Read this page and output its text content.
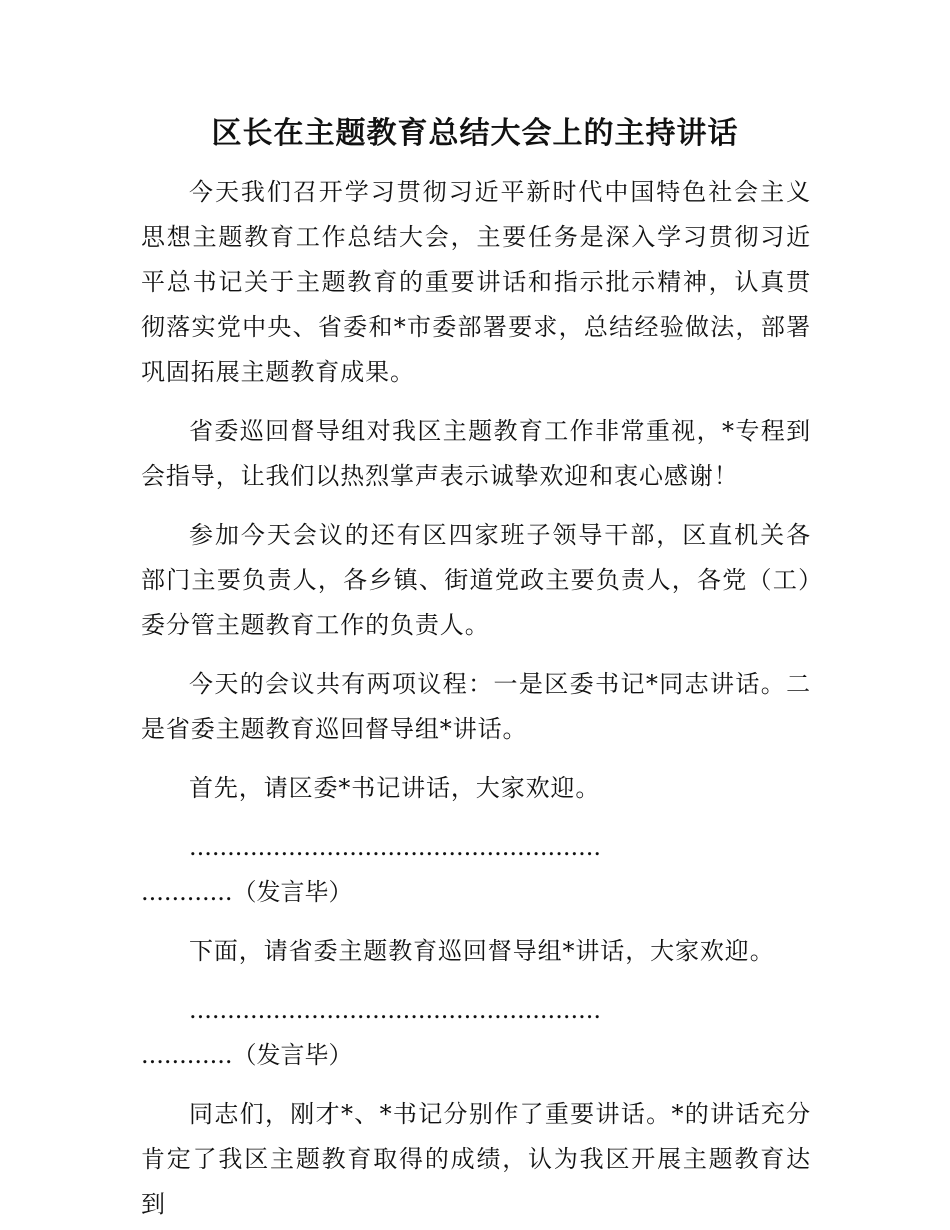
区长在主题教育总结大会上的主持讲话

今天我们召开学习贯彻习近平新时代中国特色社会主义思想主题教育工作总结大会，主要任务是深入学习贯彻习近平总书记关于主题教育的重要讲话和指示批示精神，认真贯彻落实党中央、省委和*市委部署要求，总结经验做法，部署巩固拓展主题教育成果。

省委巡回督导组对我区主题教育工作非常重视，*专程到会指导，让我们以热烈掌声表示诚挚欢迎和衷心感谢！

参加今天会议的还有区四家班子领导干部，区直机关各部门主要负责人，各乡镇、街道党政主要负责人，各党（工）委分管主题教育工作的负责人。

今天的会议共有两项议程：一是区委书记*同志讲话。二是省委主题教育巡回督导组*讲话。

首先，请区委*书记讲话，大家欢迎。

......................................................

............（发言毕）

下面，请省委主题教育巡回督导组*讲话，大家欢迎。

......................................................

............（发言毕）

同志们，刚才*、*书记分别作了重要讲话。*的讲话充分肯定了我区主题教育取得的成绩，认为我区开展主题教育达到
